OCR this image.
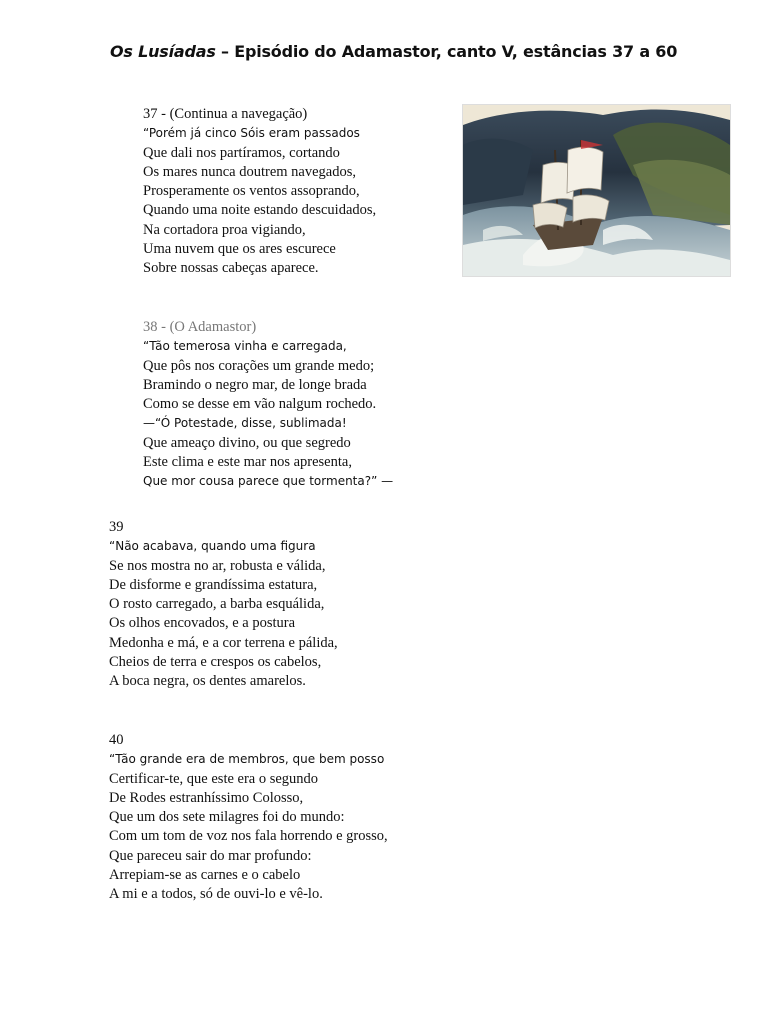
Os Lusíadas – Episódio do Adamastor, canto V, estâncias 37 a 60
37 - (Continua a navegação)
“Porém já cinco Sóis eram passados
Que dali nos partíramos, cortando
Os mares nunca doutrem navegados,
Prosperamente os ventos assoprando,
Quando uma noite estando descuidados,
Na cortadora proa vigiando,
Uma nuvem que os ares escurece
Sobre nossas cabeças aparece.
38 - (O Adamastor)
“Tão temerosa vinha e carregada,
Que pôs nos corações um grande medo;
Bramindo o negro mar, de longe brada
Como se desse em vão nalgum rochedo.
—“Ó Potestade, disse, sublimada!
Que ameaço divino, ou que segredo
Este clima e este mar nos apresenta,
Que mor cousa parece que tormenta?” —
39
“Não acabava, quando uma figura
Se nos mostra no ar, robusta e válida,
De disforme e grandíssima estatura,
O rosto carregado, a barba esquálida,
Os olhos encovados, e a postura
Medonha e má, e a cor terrena e pálida,
Cheios de terra e crespos os cabelos,
A boca negra, os dentes amarelos.
40
“Tão grande era de membros, que bem posso
Certificar-te, que este era o segundo
De Rodes estranhíssimo Colosso,
Que um dos sete milagres foi do mundo:
Com um tom de voz nos fala horrendo e grosso,
Que pareceu sair do mar profundo:
Arrepiam-se as carnes e o cabelo
A mi e a todos, só de ouvi-lo e vê-lo.
